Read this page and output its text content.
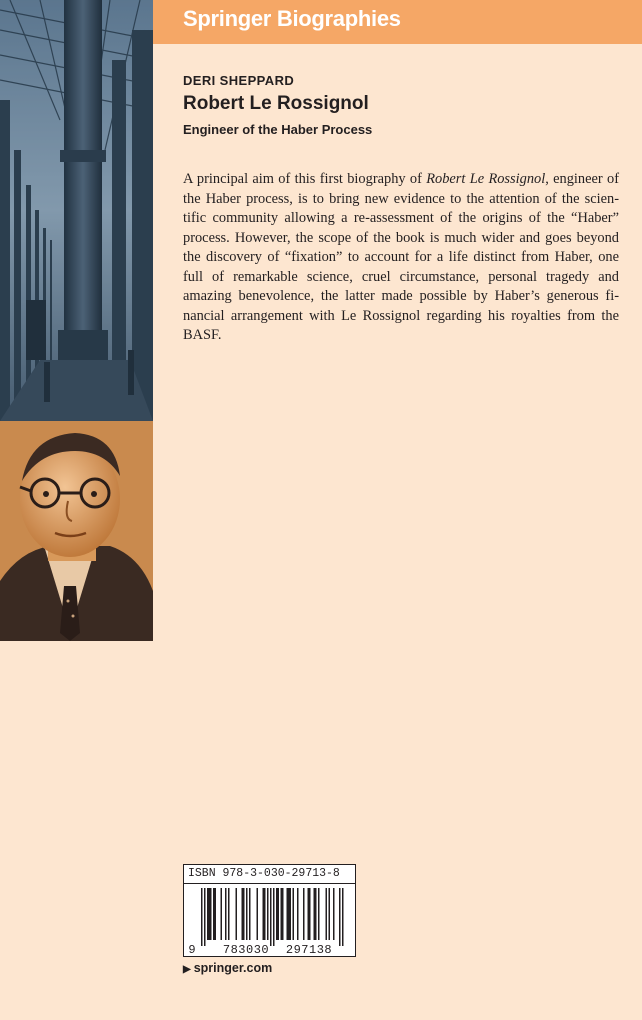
Springer Biographies
DERI SHEPPARD
Robert Le Rossignol
Engineer of the Haber Process

A principal aim of this first biography of Robert Le Rossignol, engineer of the Haber process, is to bring new evidence to the attention of the scien-tific community allowing a re-assessment of the origins of the “Haber” process. However, the scope of the book is much wider and goes beyond the discovery of “fixation” to account for a life distinct from Haber, one full of remarkable science, cruel circumstance, personal tragedy and amazing benevolence, the latter made possible by Haber’s generous fi-nancial arrangement with Le Rossignol regarding his royalties from the BASF.

ISBN 978-3-030-29713-8
9 783030 297138
▶ springer.com
